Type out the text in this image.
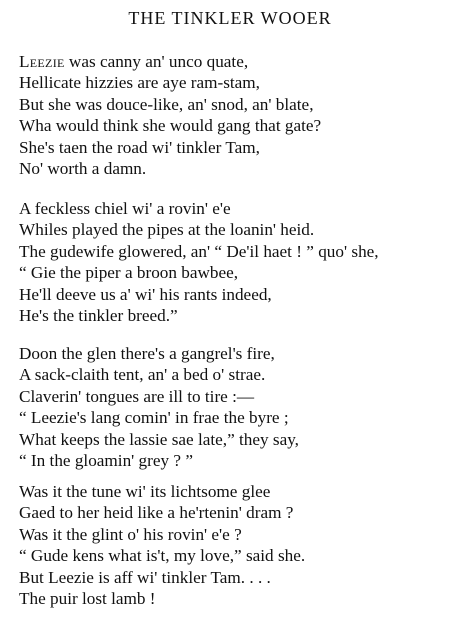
THE TINKLER WOOER
Leezie was canny an' unco quate,
Hellicate hizzies are aye ram-stam,
But she was douce-like, an' snod, an' blate,
Wha would think she would gang that gate?
She's taen the road wi' tinkler Tam,
No' worth a damn.
A feckless chiel wi' a rovin' e'e
Whiles played the pipes at the loanin' heid.
The gudewife glowered, an' “ De'il haet ! ” quo' she,
“ Gie the piper a broon bawbee,
He'll deeve us a' wi' his rants indeed,
He's the tinkler breed.”
Doon the glen there's a gangrel's fire,
A sack-claith tent, an' a bed o' strae.
Claverin' tongues are ill to tire :—
“ Leezie's lang comin' in frae the byre ;
What keeps the lassie sae late,” they say,
“ In the gloamin' grey ? ”
Was it the tune wi' its lichtsome glee
Gaed to her heid like a he'rtenin' dram ?
Was it the glint o' his rovin' e'e ?
“ Gude kens what is't, my love,” said she.
But Leezie is aff wi' tinkler Tam. . . .
The puir lost lamb !
